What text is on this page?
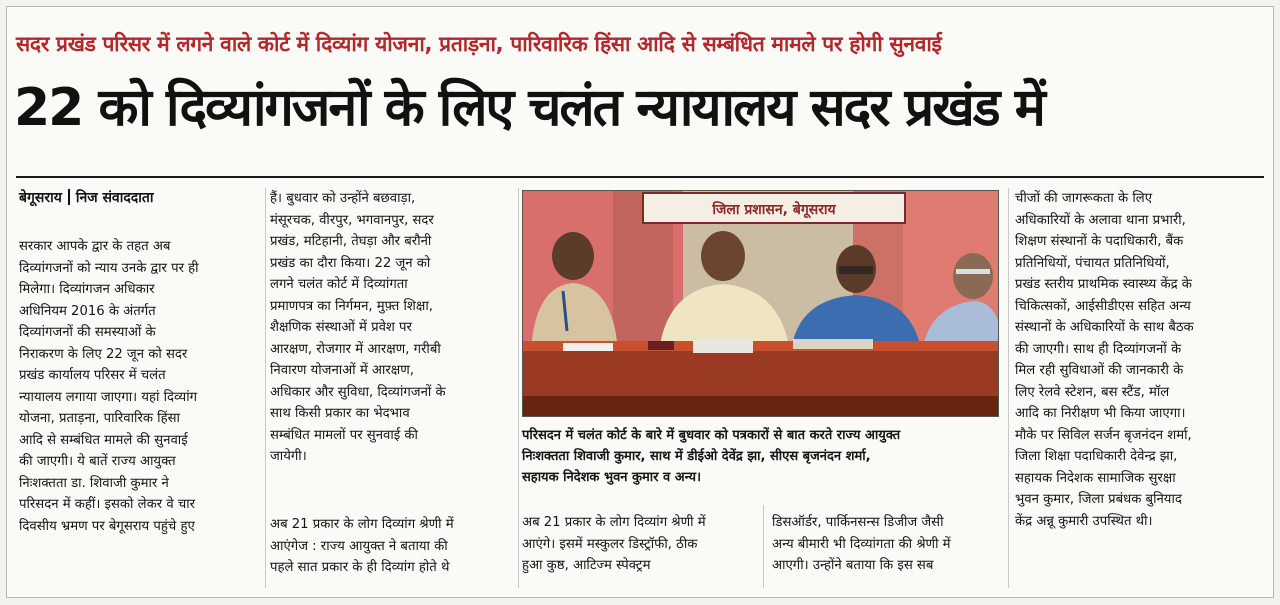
सदर प्रखंड परिसर में लगने वाले कोर्ट में दिव्यांग योजना, प्रताड़ना, पारिवारिक हिंसा आदि से सम्बंधित मामले पर होगी सुनवाई
22 को दिव्यांगजनों के लिए चलंत न्यायालय सदर प्रखंड में
बेगूसराय निज संवाददाता
सरकार आपके द्वार के तहत अब
दिव्यांगजनों को न्याय उनके द्वार पर ही
मिलेगा। दिव्यांगजन अधिकार
अधिनियम 2016 के अंतर्गत
दिव्यांगजनों की समस्याओं के
निराकरण के लिए 22 जून को सदर
प्रखंड कार्यालय परिसर में चलंत
न्यायालय लगाया जाएगा। यहां दिव्यांग
योजना, प्रताड़ना, पारिवारिक हिंसा
आदि से सम्बंधित मामले की सुनवाई
की जाएगी। ये बातें राज्य आयुक्त
निःशक्तता डा. शिवाजी कुमार ने
परिसदन में कहीं। इसको लेकर वे चार
दिवसीय भ्रमण पर बेगूसराय पहुंचे हुए
हैं। बुधवार को उन्होंने बछवाड़ा,
मंसूरचक, वीरपुर, भगवानपुर, सदर
प्रखंड, मटिहानी, तेघड़ा और बरौनी
प्रखंड का दौरा किया। 22 जून को
लगने चलंत कोर्ट में दिव्यांगता
प्रमाणपत्र का निर्गमन, मुफ़्त शिक्षा,
शैक्षणिक संस्थाओं में प्रवेश पर
आरक्षण, रोजगार में आरक्षण, गरीबी
निवारण योजनाओं में आरक्षण,
अधिकार और सुविधा, दिव्यांगजनों के
साथ किसी प्रकार का भेदभाव
सम्बंधित मामलों पर सुनवाई की
जायेगी।
अब 21 प्रकार के लोग दिव्यांग श्रेणी में
आएंगेज : राज्य आयुक्त ने बताया की
पहले सात प्रकार के ही दिव्यांग होते थे
जिला प्रशासन, बेगूसराय
परिसदन में चलंत कोर्ट के बारे में बुधवार को पत्रकारों से बात करते राज्य आयुक्त
निःशक्तता शिवाजी कुमार, साथ में डीईओ देवेंद्र झा, सीएस बृजनंदन शर्मा,
सहायक निदेशक भुवन कुमार व अन्य।
अब 21 प्रकार के लोग दिव्यांग श्रेणी में
आएंगे। इसमें मस्कुलर डिस्ट्रॉफी, ठीक
हुआ कुष्ठ, आटिज्म स्पेक्ट्रम
डिसऑर्डर, पार्किनसन्स डिजीज जैसी
अन्य बीमारी भी दिव्यांगता की श्रेणी में
आएगी। उन्होंने बताया कि इस सब
चीजों की जागरूकता के लिए
अधिकारियों के अलावा थाना प्रभारी,
शिक्षण संस्थानों के पदाधिकारी, बैंक
प्रतिनिधियों, पंचायत प्रतिनिधियों,
प्रखंड स्तरीय प्राथमिक स्वास्थ्य केंद्र के
चिकित्सकों, आईसीडीएस सहित अन्य
संस्थानों के अधिकारियों के साथ बैठक
की जाएगी। साथ ही दिव्यांगजनों के
मिल रही सुविधाओं की जानकारी के
लिए रेलवे स्टेशन, बस स्टैंड, मॉल
आदि का निरीक्षण भी किया जाएगा।
मौके पर सिविल सर्जन बृजनंदन शर्मा,
जिला शिक्षा पदाधिकारी देवेन्द्र झा,
सहायक निदेशक सामाजिक सुरक्षा
भुवन कुमार, जिला प्रबंधक बुनियाद
केंद्र अन्नू कुमारी उपस्थित थी।
